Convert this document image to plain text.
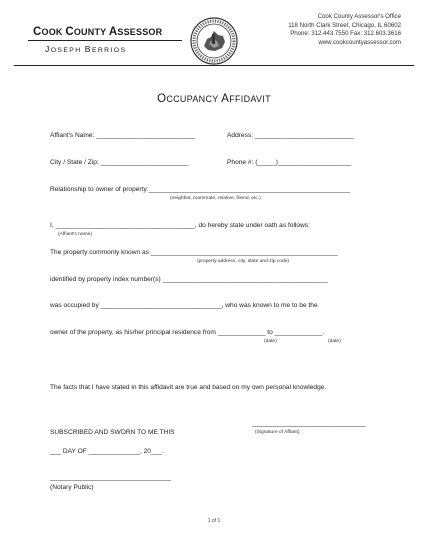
COOK COUNTY ASSESSOR
JOSEPH BERRIOS
Cook County Assessor's Office
118 North Clark Street, Chicago, IL 60602
Phone: 312.443.7550 Fax: 312.603.3616
www.cookcountyassessor.com
OCCUPANCY AFFIDAVIT
Affiant's Name: ___________________________	Address: ___________________________
City / State / Zip: ________________________	Phone #: (_____)____________________
Relationship to owner of property:_______________________________________________________
(neighbor, roommate, relative, friend, etc.)
I, ______________________________________, do hereby state under oath as follows:
(Affiant's name)
The property commonly known as ___________________________________________________
(property address, city, state and zip code)
identified by property index number(s) _____________________________________________
was occupied by _________________________________, who was known to me to be the
owner of the property, as his/her principal residence from _____________ to _____________.
(date)	(date)
The facts that I have stated in this affidavit are true and based on my own personal knowledge.
_______________________________
(Signature of Affiant)
SUBSCRIBED AND SWORN TO ME THIS
___ DAY OF ______________, 20___.
_________________________________
(Notary Public)
1 of 1
